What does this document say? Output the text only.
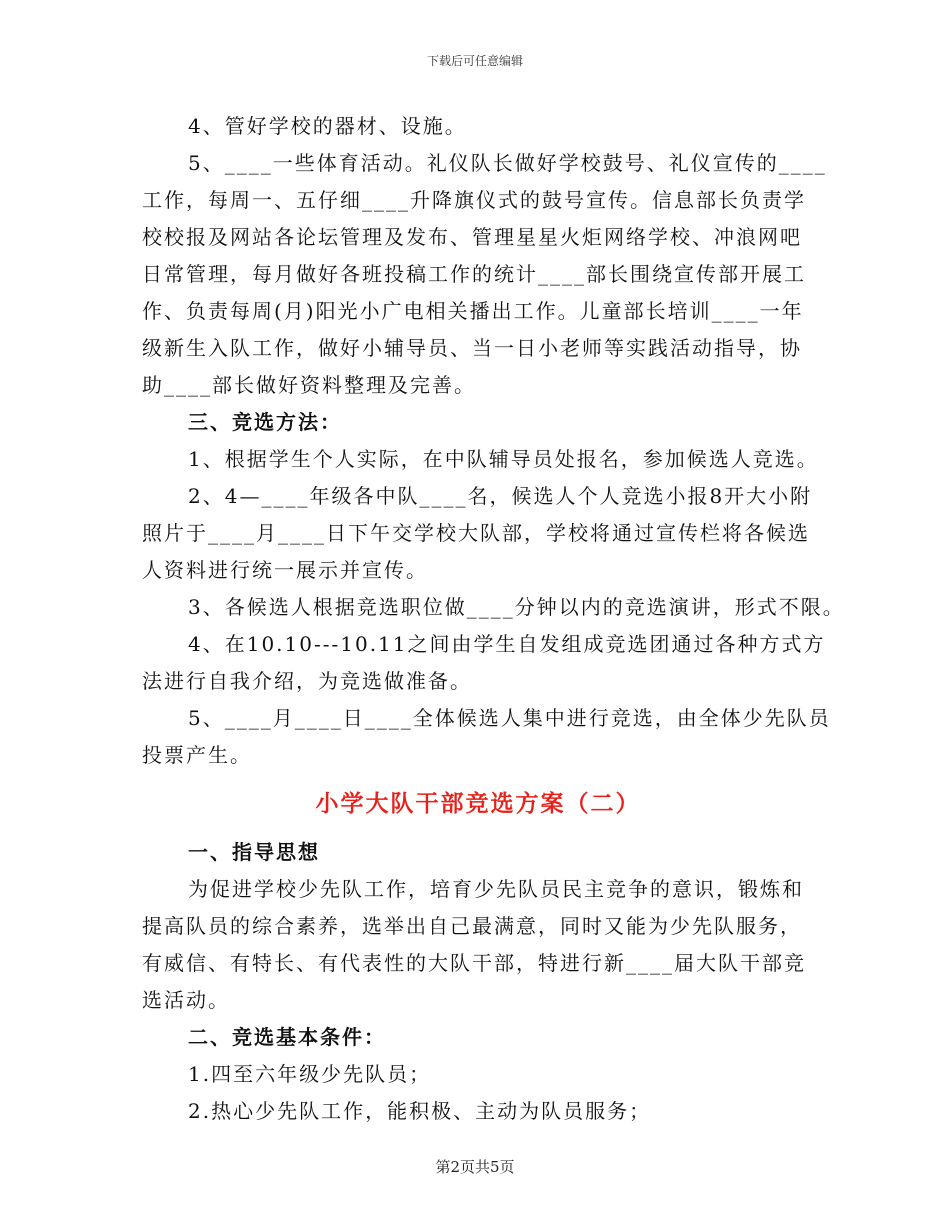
下载后可任意编辑
4、管好学校的器材、设施。
5、____一些体育活动。礼仪队长做好学校鼓号、礼仪宣传的____
工作，每周一、五仔细____升降旗仪式的鼓号宣传。信息部长负责学
校校报及网站各论坛管理及发布、管理星星火炬网络学校、冲浪网吧
日常管理，每月做好各班投稿工作的统计____部长围绕宣传部开展工
作、负责每周(月)阳光小广电相关播出工作。儿童部长培训____一年
级新生入队工作，做好小辅导员、当一日小老师等实践活动指导，协
助____部长做好资料整理及完善。
三、竞选方法：
1、根据学生个人实际，在中队辅导员处报名，参加候选人竞选。
2、4—____年级各中队____名，候选人个人竞选小报8开大小附
照片于____月____日下午交学校大队部，学校将通过宣传栏将各候选
人资料进行统一展示并宣传。
3、各候选人根据竞选职位做____分钟以内的竞选演讲，形式不限。
4、在10.10---10.11之间由学生自发组成竞选团通过各种方式方
法进行自我介绍，为竞选做准备。
5、____月____日____全体候选人集中进行竞选，由全体少先队员
投票产生。
小学大队干部竞选方案（二）
一、指导思想
为促进学校少先队工作，培育少先队员民主竞争的意识，锻炼和
提高队员的综合素养，选举出自己最满意，同时又能为少先队服务，
有威信、有特长、有代表性的大队干部，特进行新____届大队干部竞
选活动。
二、竞选基本条件：
1.四至六年级少先队员；
2.热心少先队工作，能积极、主动为队员服务；
第2页共5页
